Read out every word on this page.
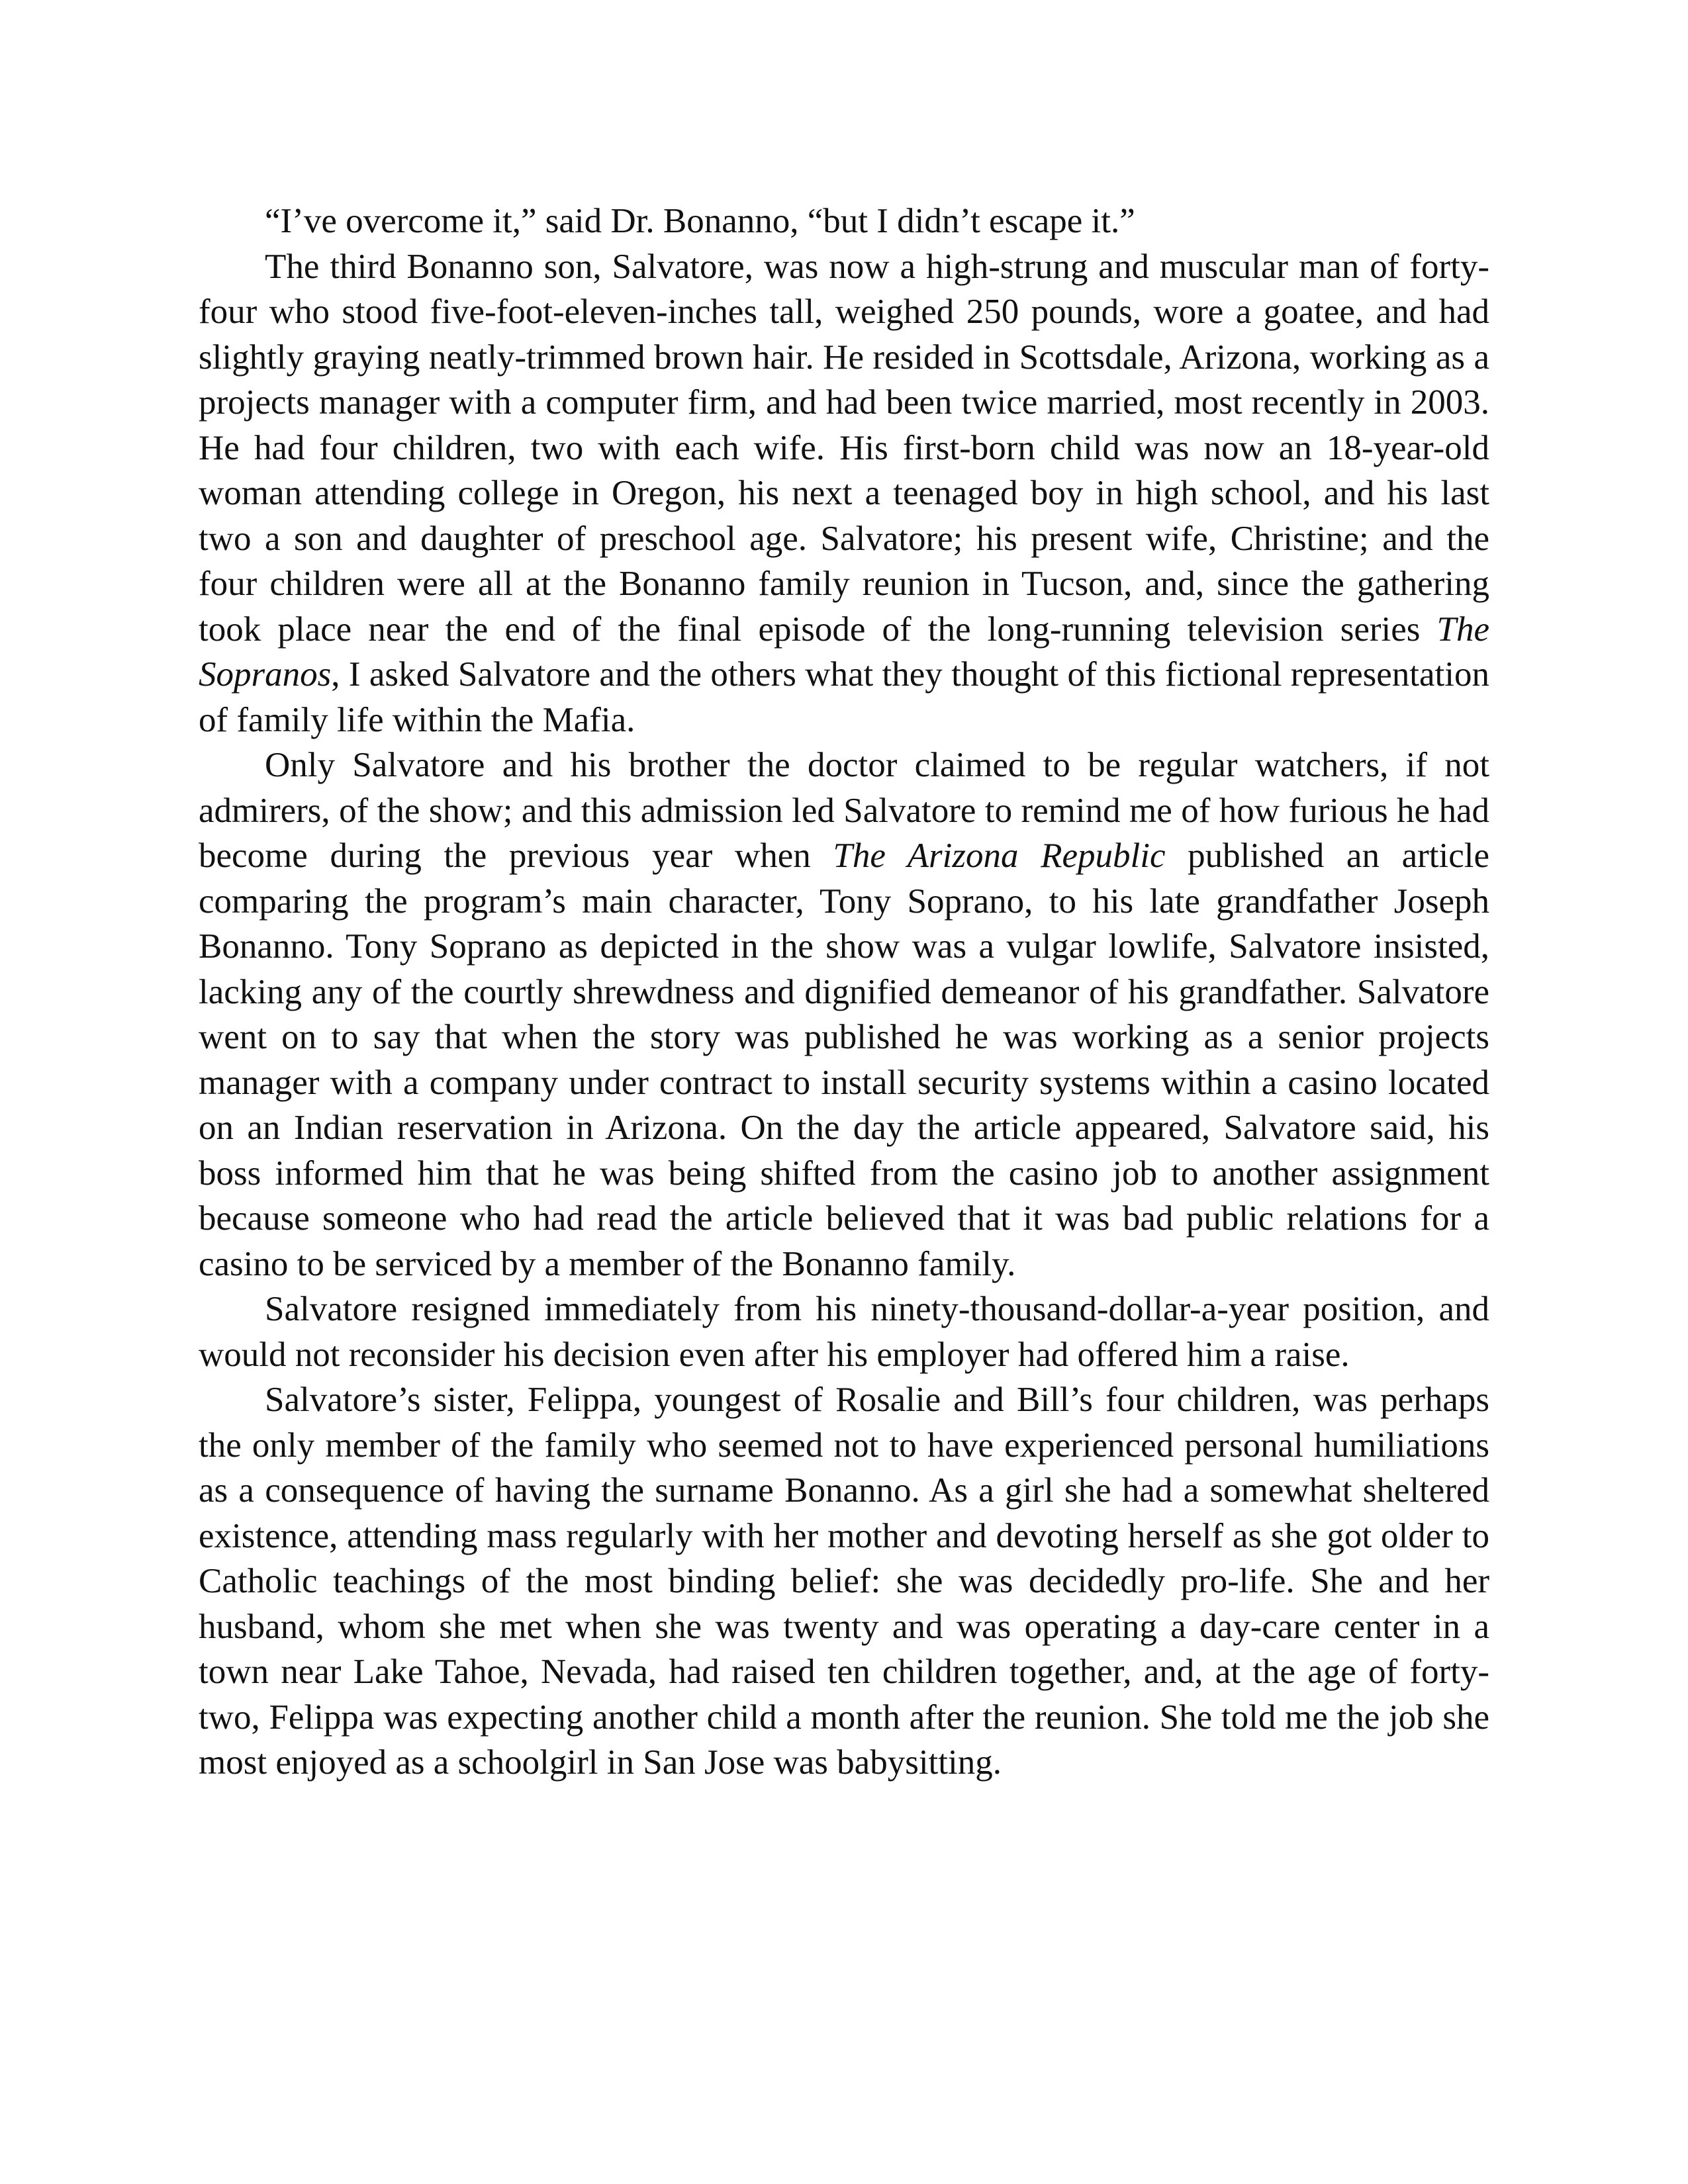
“I’ve overcome it,” said Dr. Bonanno, “but I didn’t escape it.”

The third Bonanno son, Salvatore, was now a high-strung and muscular man of forty-four who stood five-foot-eleven-inches tall, weighed 250 pounds, wore a goatee, and had slightly graying neatly-trimmed brown hair. He resided in Scottsdale, Arizona, working as a projects manager with a computer firm, and had been twice married, most recently in 2003. He had four children, two with each wife. His first-born child was now an 18-year-old woman attending college in Oregon, his next a teenaged boy in high school, and his last two a son and daughter of preschool age. Salvatore; his present wife, Christine; and the four children were all at the Bonanno family reunion in Tucson, and, since the gathering took place near the end of the final episode of the long-running television series The Sopranos, I asked Salvatore and the others what they thought of this fictional representation of family life within the Mafia.

Only Salvatore and his brother the doctor claimed to be regular watchers, if not admirers, of the show; and this admission led Salvatore to remind me of how furious he had become during the previous year when The Arizona Republic published an article comparing the program’s main character, Tony Soprano, to his late grandfather Joseph Bonanno. Tony Soprano as depicted in the show was a vulgar lowlife, Salvatore insisted, lacking any of the courtly shrewdness and dignified demeanor of his grandfather. Salvatore went on to say that when the story was published he was working as a senior projects manager with a company under contract to install security systems within a casino located on an Indian reservation in Arizona. On the day the article appeared, Salvatore said, his boss informed him that he was being shifted from the casino job to another assignment because someone who had read the article believed that it was bad public relations for a casino to be serviced by a member of the Bonanno family.

Salvatore resigned immediately from his ninety-thousand-dollar-a-year position, and would not reconsider his decision even after his employer had offered him a raise.

Salvatore’s sister, Felippa, youngest of Rosalie and Bill’s four children, was perhaps the only member of the family who seemed not to have experienced personal humiliations as a consequence of having the surname Bonanno. As a girl she had a somewhat sheltered existence, attending mass regularly with her mother and devoting herself as she got older to Catholic teachings of the most binding belief: she was decidedly pro-life. She and her husband, whom she met when she was twenty and was operating a day-care center in a town near Lake Tahoe, Nevada, had raised ten children together, and, at the age of forty-two, Felippa was expecting another child a month after the reunion. She told me the job she most enjoyed as a schoolgirl in San Jose was babysitting.
